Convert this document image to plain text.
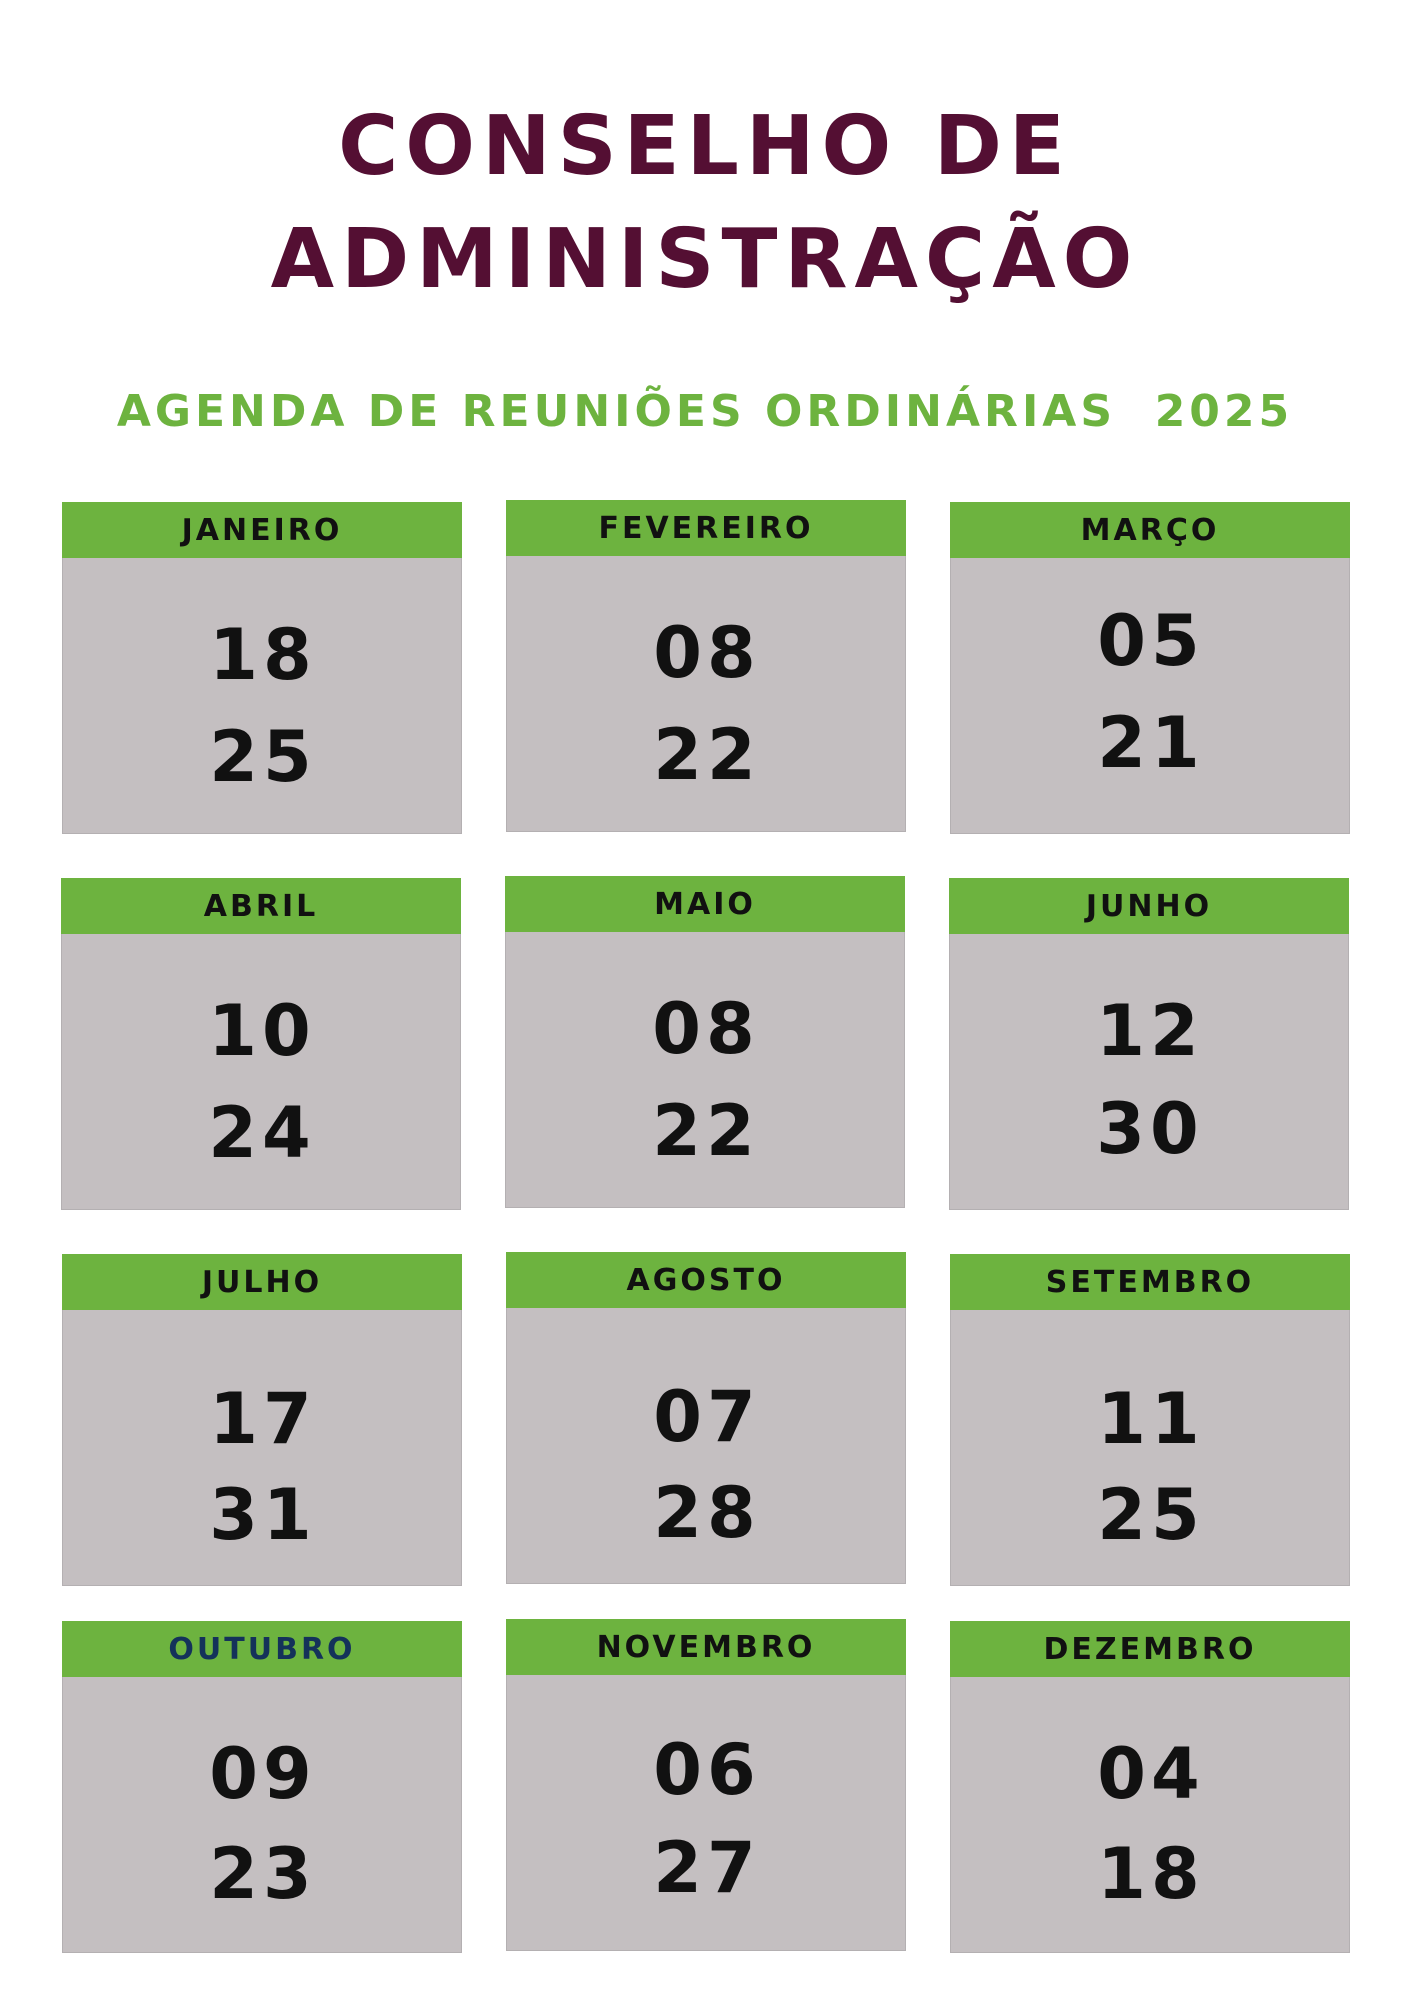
CONSELHO DE
ADMINISTRAÇÃO
AGENDA DE REUNIÕES ORDINÁRIAS  2025
JANEIRO
18
25
FEVEREIRO
08
22
MARÇO
05
21
ABRIL
10
24
MAIO
08
22
JUNHO
12
30
JULHO
17
31
AGOSTO
07
28
SETEMBRO
11
25
OUTUBRO
09
23
NOVEMBRO
06
27
DEZEMBRO
04
18
